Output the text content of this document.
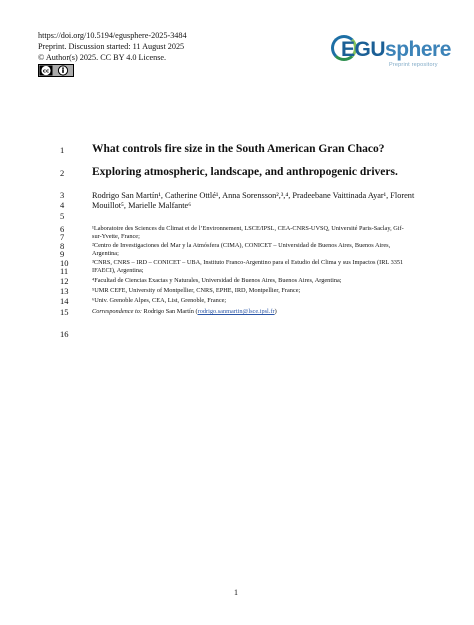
https://doi.org/10.5194/egusphere-2025-3484
Preprint. Discussion started: 11 August 2025
© Author(s) 2025. CC BY 4.0 License.
cc
EGUsphere
Preprint repository
1	What controls fire size in the South American Gran Chaco?
2	Exploring atmospheric, landscape, and anthropogenic drivers.
3	Rodrigo San Martín¹, Catherine Ottlé¹, Anna Sorensson²,³,⁴, Pradeebane Vaittinada Ayar¹, Florent
4	Mouillot⁵, Marielle Malfante⁶
5
6	¹Laboratoire des Sciences du Climat et de l’Environnement, LSCE/IPSL, CEA-CNRS-UVSQ, Université Paris-Saclay, Gif-
7	sur-Yvette, France;
8	²Centro de Investigaciones del Mar y la Atmósfera (CIMA), CONICET – Universidad de Buenos Aires, Buenos Aires,
9	Argentina;
10	³CNRS, CNRS – IRD – CONICET – UBA, Instituto Franco-Argentino para el Estudio del Clima y sus Impactos (IRL 3351
11	IFAECI), Argentina;
12	⁴Facultad de Ciencias Exactas y Naturales, Universidad de Buenos Aires, Buenos Aires, Argentina;
13	⁵UMR CEFE, University of Montpellier, CNRS, EPHE, IRD, Montpellier, France;
14	⁶Univ. Grenoble Alpes, CEA, List, Grenoble, France;
15	Correspondence to: Rodrigo San Martín (rodrigo.sanmartin@lsce.ipsl.fr)
16
1
